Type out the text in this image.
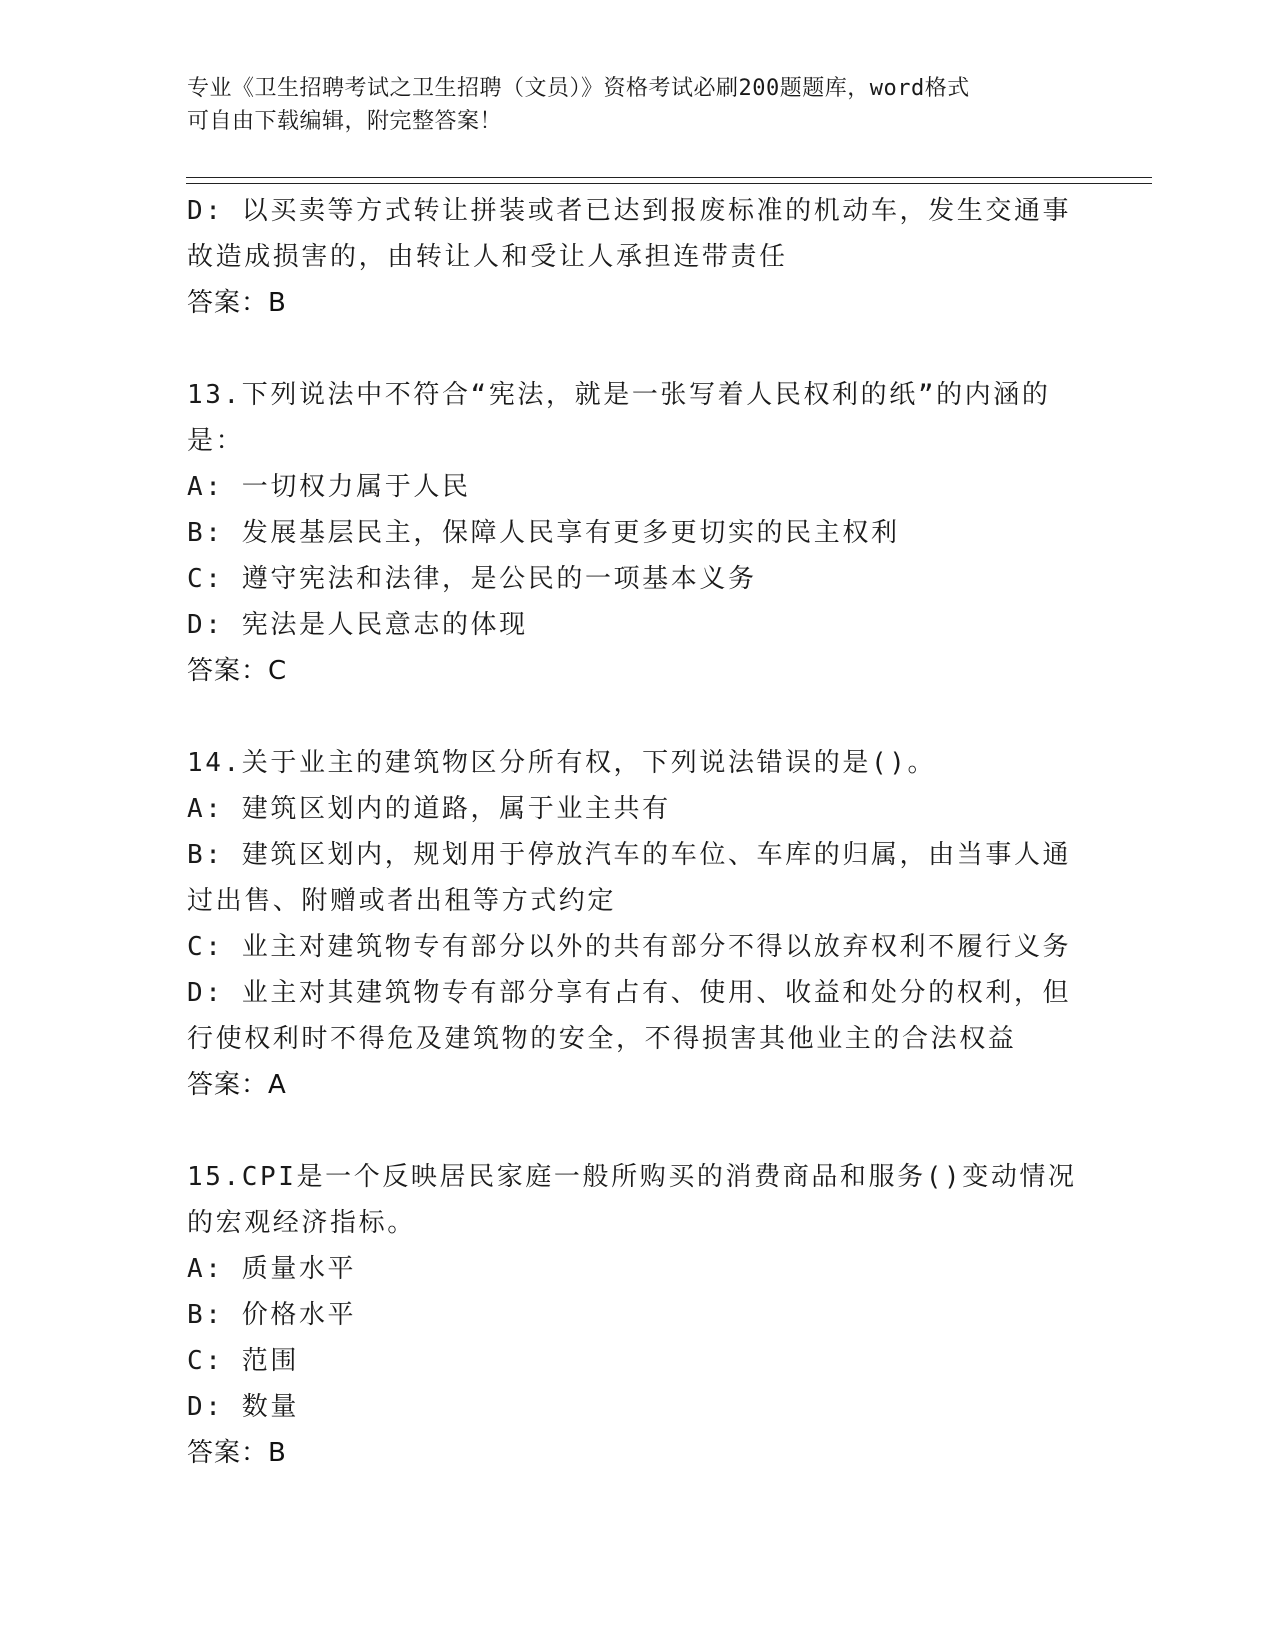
专业《卫生招聘考试之卫生招聘（文员）》资格考试必刷200题题库，word格式
可自由下载编辑，附完整答案！
D: 以买卖等方式转让拼装或者已达到报废标准的机动车，发生交通事
故造成损害的，由转让人和受让人承担连带责任
答案：B
13.下列说法中不符合“宪法，就是一张写着人民权利的纸”的内涵的
是：
A: 一切权力属于人民
B: 发展基层民主，保障人民享有更多更切实的民主权利
C: 遵守宪法和法律，是公民的一项基本义务
D: 宪法是人民意志的体现
答案：C
14.关于业主的建筑物区分所有权，下列说法错误的是()。
A: 建筑区划内的道路，属于业主共有
B: 建筑区划内，规划用于停放汽车的车位、车库的归属，由当事人通
过出售、附赠或者出租等方式约定
C: 业主对建筑物专有部分以外的共有部分不得以放弃权利不履行义务
D: 业主对其建筑物专有部分享有占有、使用、收益和处分的权利，但
行使权利时不得危及建筑物的安全，不得损害其他业主的合法权益
答案：A
15.CPI是一个反映居民家庭一般所购买的消费商品和服务()变动情况
的宏观经济指标。
A: 质量水平
B: 价格水平
C: 范围
D: 数量
答案：B
